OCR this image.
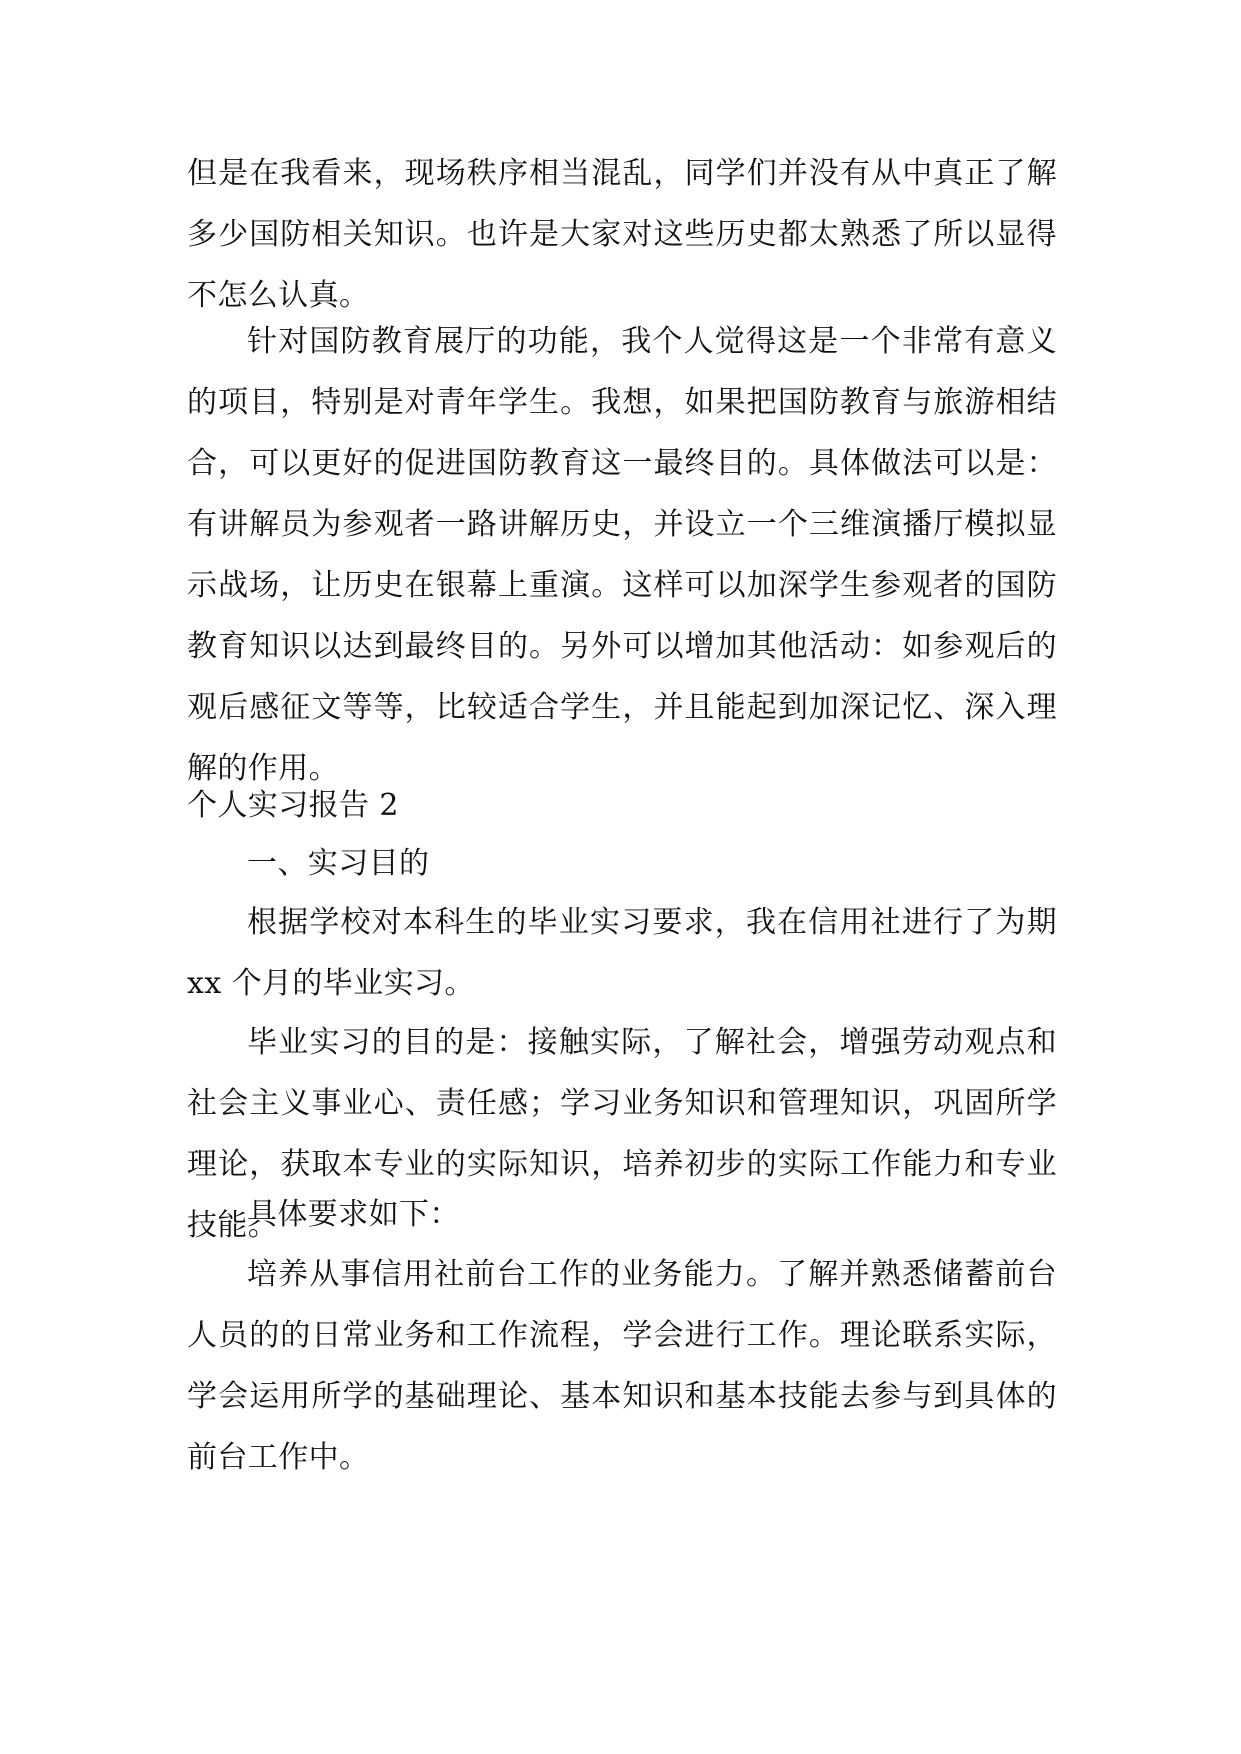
但是在我看来，现场秩序相当混乱，同学们并没有从中真正了解多少国防相关知识。也许是大家对这些历史都太熟悉了所以显得不怎么认真。

针对国防教育展厅的功能，我个人觉得这是一个非常有意义的项目，特别是对青年学生。我想，如果把国防教育与旅游相结合，可以更好的促进国防教育这一最终目的。具体做法可以是：有讲解员为参观者一路讲解历史，并设立一个三维演播厅模拟显示战场，让历史在银幕上重演。这样可以加深学生参观者的国防教育知识以达到最终目的。另外可以增加其他活动：如参观后的观后感征文等等，比较适合学生，并且能起到加深记忆、深入理解的作用。

个人实习报告 2

一、实习目的

根据学校对本科生的毕业实习要求，我在信用社进行了为期 xx 个月的毕业实习。

毕业实习的目的是：接触实际，了解社会，增强劳动观点和社会主义事业心、责任感；学习业务知识和管理知识，巩固所学理论，获取本专业的实际知识，培养初步的实际工作能力和专业技能。

具体要求如下：

培养从事信用社前台工作的业务能力。了解并熟悉储蓄前台人员的的日常业务和工作流程，学会进行工作。理论联系实际，学会运用所学的基础理论、基本知识和基本技能去参与到具体的前台工作中。
